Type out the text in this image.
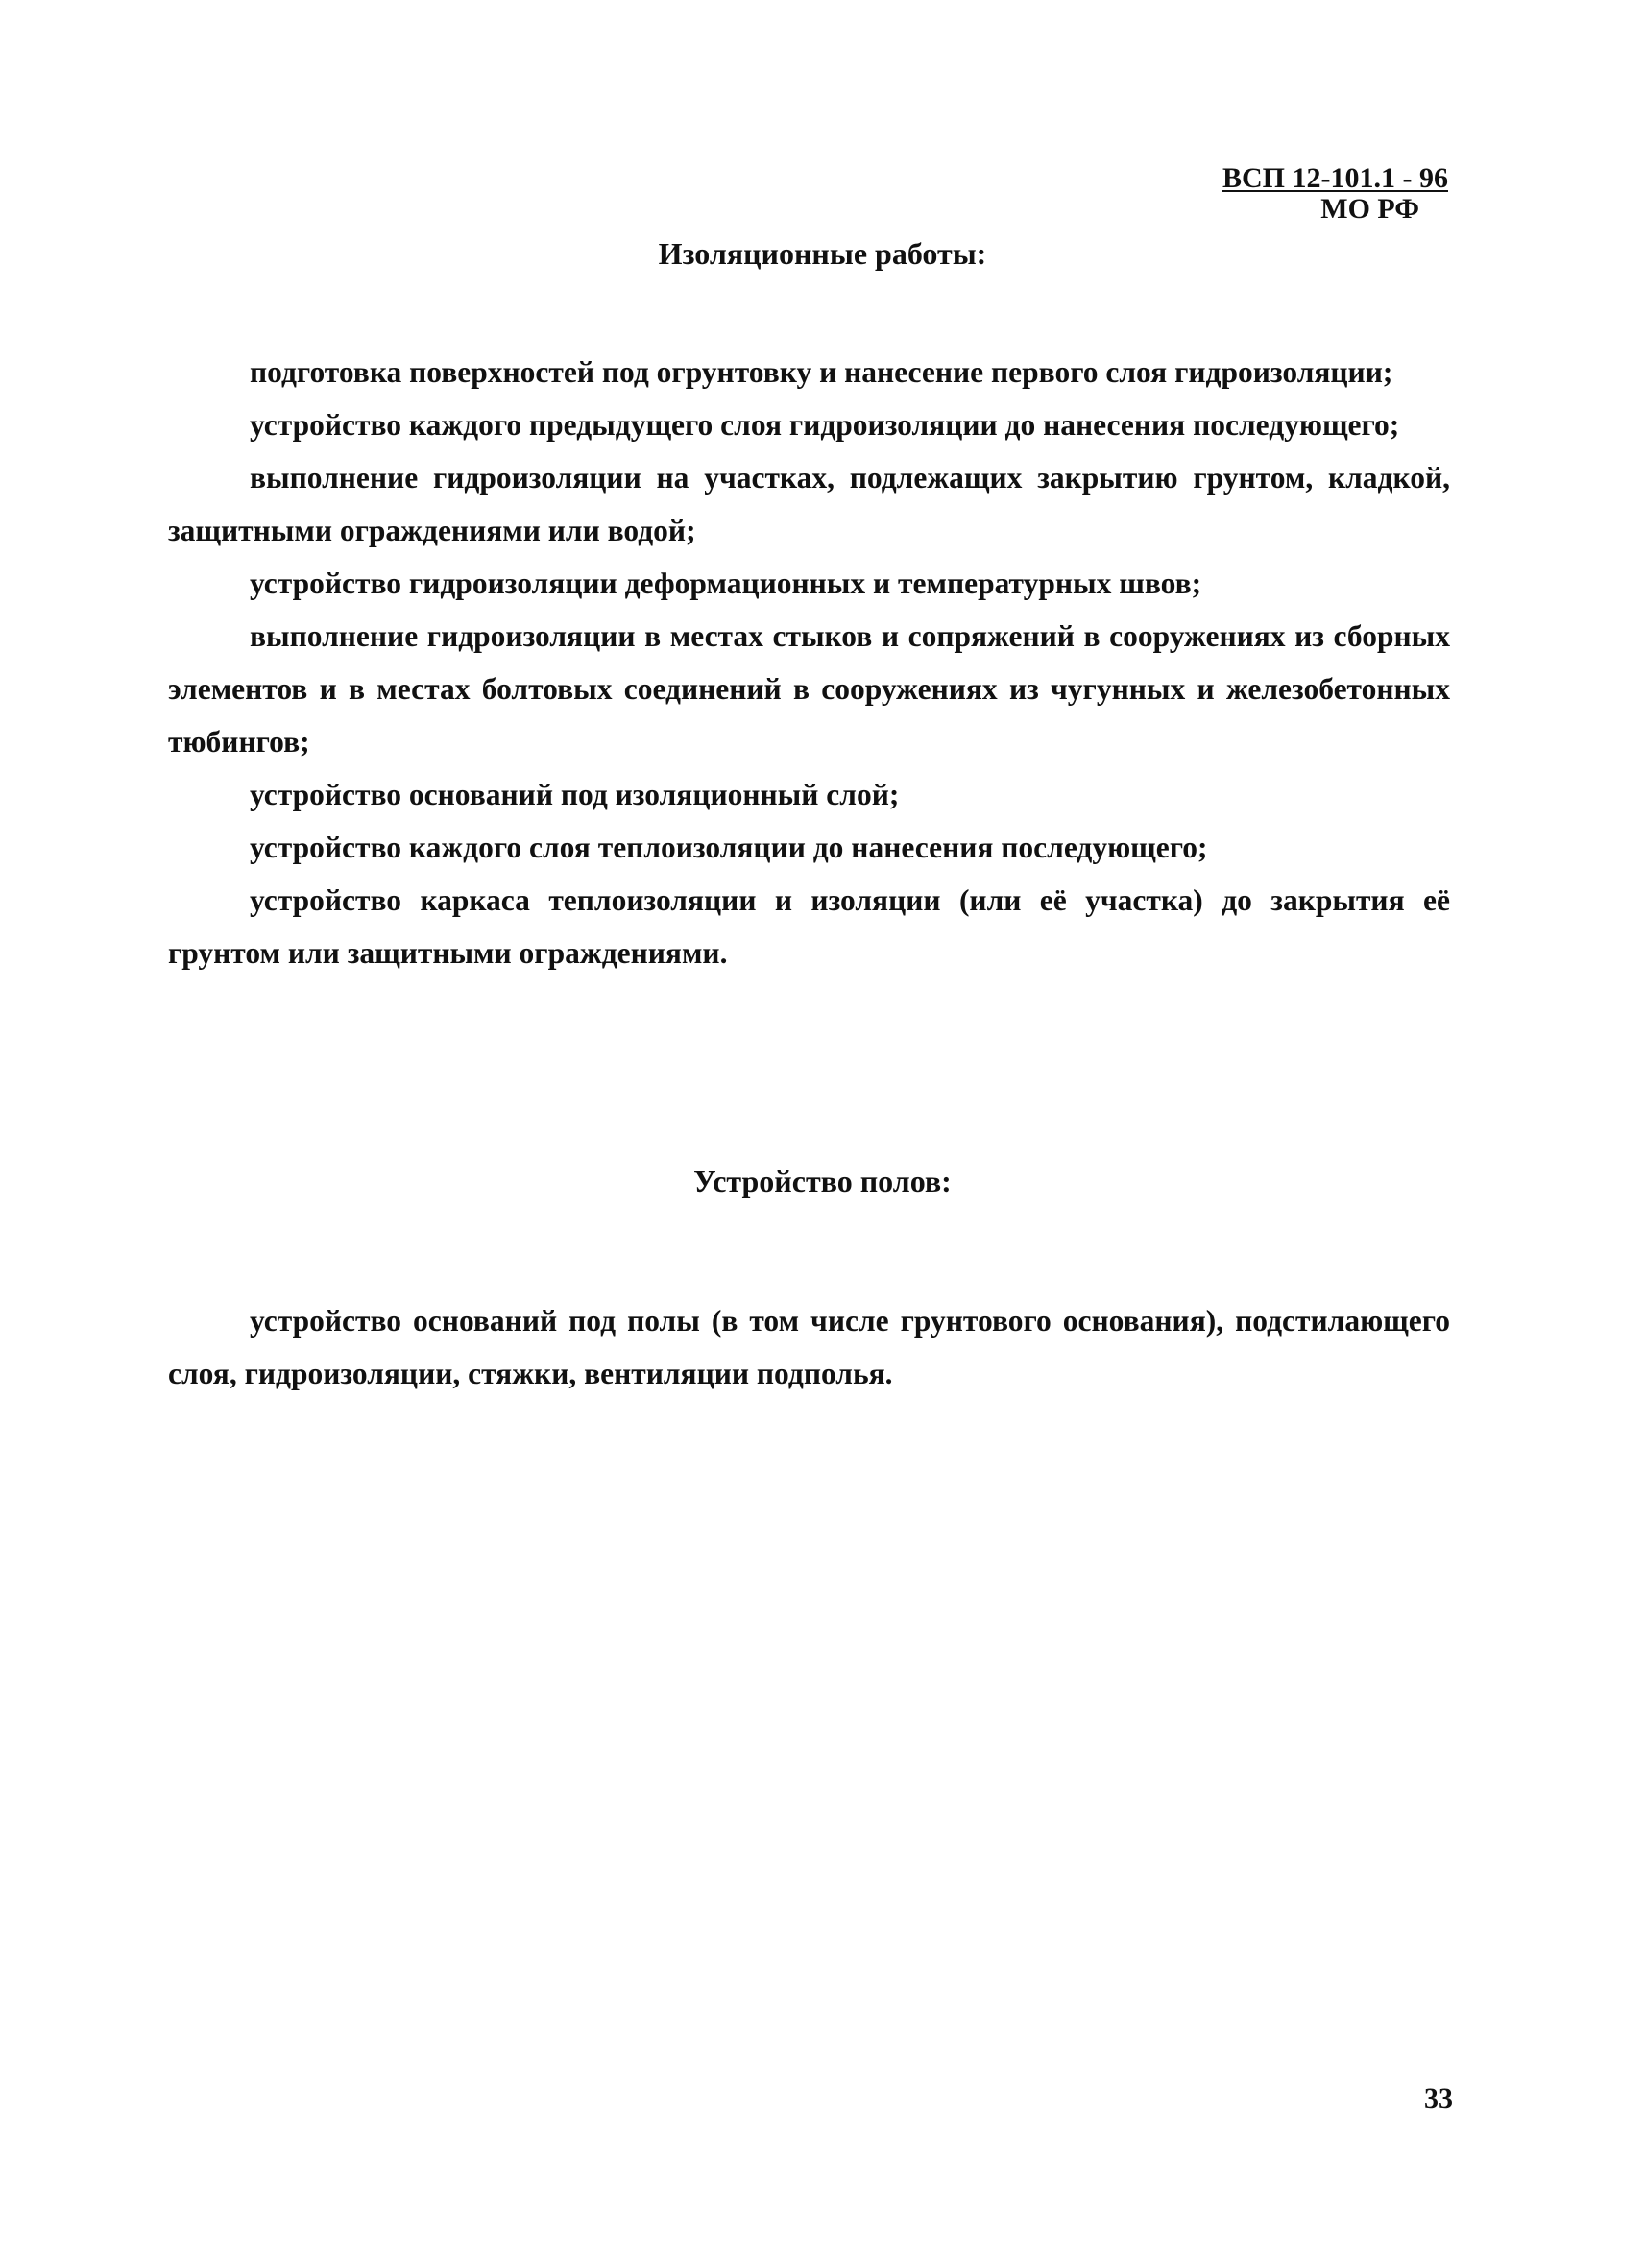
ВСП 12-101.1 - 96
МО РФ
Изоляционные работы:

подготовка поверхностей под огрунтовку и нанесение первого слоя гидроизоляции;

устройство каждого предыдущего слоя гидроизоляции до нанесения последующего;

выполнение гидроизоляции на участках, подлежащих закрытию грунтом, кладкой, защитными ограждениями или водой;

устройство гидроизоляции деформационных и температурных швов;

выполнение гидроизоляции в местах стыков и сопряжений в сооружениях из сборных элементов и в местах болтовых соединений в сооружениях из чугунных и железобетонных тюбингов;

устройство оснований под изоляционный слой;

устройство каждого слоя теплоизоляции до нанесения последующего;

устройство каркаса теплоизоляции и изоляции (или её участка) до закрытия её грунтом или защитными ограждениями.

Устройство полов:

устройство оснований под полы (в том числе грунтового основания), подстилающего слоя, гидроизоляции, стяжки, вентиляции подполья.

33
